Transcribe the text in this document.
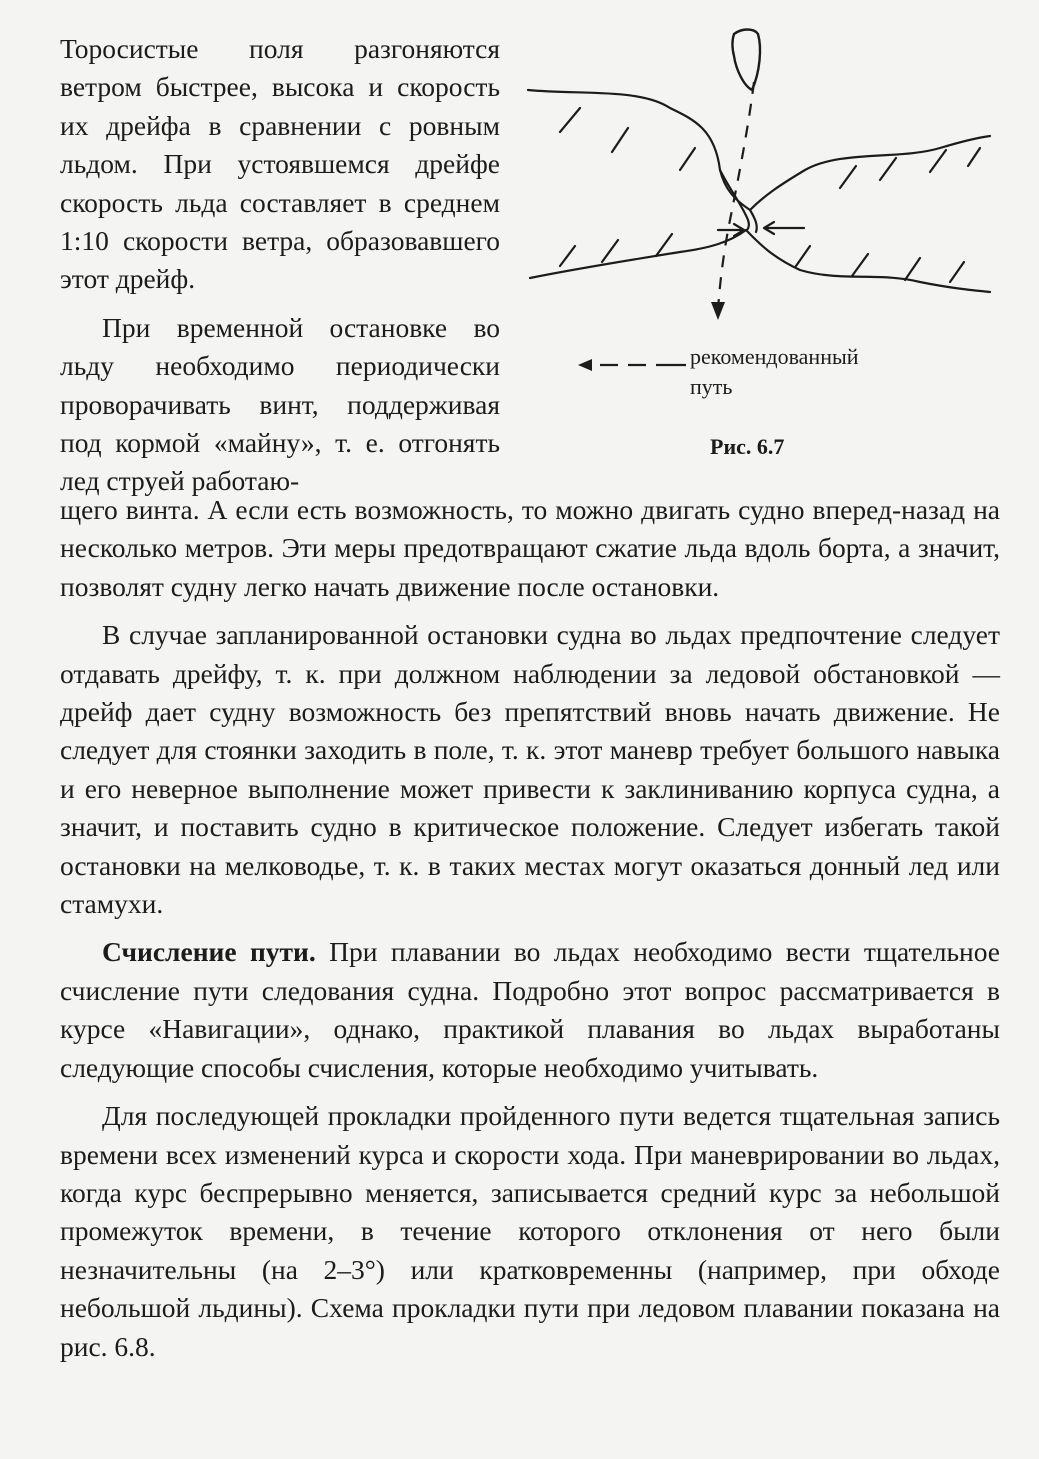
Торосистые поля разгоняются ветром быстрее, высока и скорость их дрейфа в сравнении с ровным льдом. При устоявшемся дрейфе скорость льда составляет в среднем 1:10 скорости ветра, образовавшего этот дрейф.

При временной остановке во льду необходимо периодически проворачивать винт, поддерживая под кормой «майну», т. е. отгонять лед струей работаю-

рекомендованный
путь
Рис. 6.7

щего винта. А если есть возможность, то можно двигать судно вперед-назад на несколько метров. Эти меры предотвращают сжатие льда вдоль борта, а значит, позволят судну легко начать движение после остановки.

В случае запланированной остановки судна во льдах предпочтение следует отдавать дрейфу, т. к. при должном наблюдении за ледовой обстановкой — дрейф дает судну возможность без препятствий вновь начать движение. Не следует для стоянки заходить в поле, т. к. этот маневр требует большого навыка и его неверное выполнение может привести к заклиниванию корпуса судна, а значит, и поставить судно в критическое положение. Следует избегать такой остановки на мелководье, т. к. в таких местах могут оказаться донный лед или стамухи.

Счисление пути. При плавании во льдах необходимо вести тщательное счисление пути следования судна. Подробно этот вопрос рассматривается в курсе «Навигации», однако, практикой плавания во льдах выработаны следующие способы счисления, которые необходимо учитывать.

Для последующей прокладки пройденного пути ведется тщательная запись времени всех изменений курса и скорости хода. При маневрировании во льдах, когда курс беспрерывно меняется, записывается средний курс за небольшой промежуток времени, в течение которого отклонения от него были незначительны (на 2–3°) или кратковременны (например, при обходе небольшой льдины). Схема прокладки пути при ледовом плавании показана на рис. 6.8.
